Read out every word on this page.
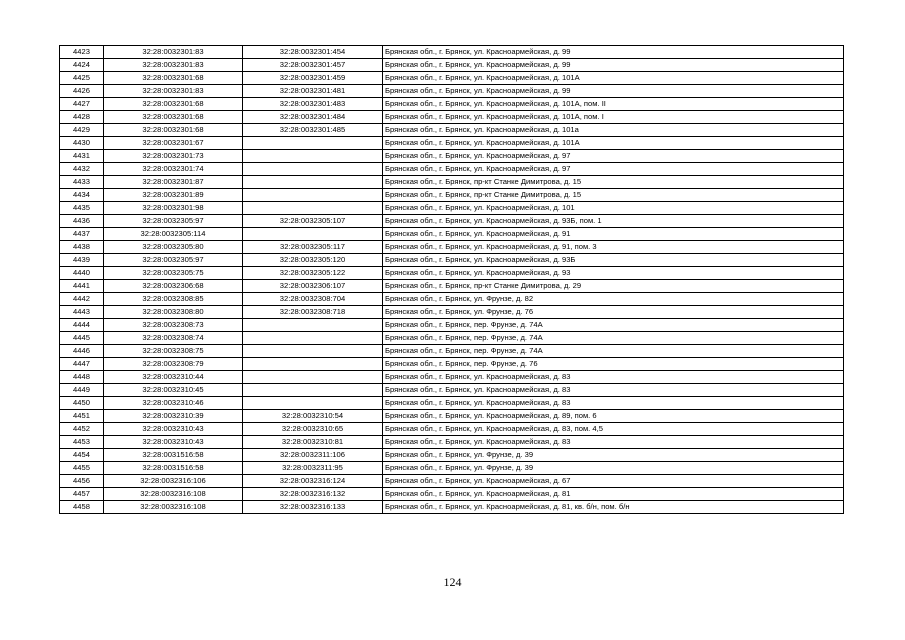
4423	32:28:0032301:83	32:28:0032301:454	Брянская обл., г. Брянск, ул. Красноармейская, д. 99
4424	32:28:0032301:83	32:28:0032301:457	Брянская обл., г. Брянск, ул. Красноармейская, д. 99
4425	32:28:0032301:68	32:28:0032301:459	Брянская обл., г. Брянск, ул. Красноармейская, д. 101А
4426	32:28:0032301:83	32:28:0032301:481	Брянская обл., г. Брянск, ул. Красноармейская, д. 99
4427	32:28:0032301:68	32:28:0032301:483	Брянская обл., г. Брянск, ул. Красноармейская, д. 101А, пом. II
4428	32:28:0032301:68	32:28:0032301:484	Брянская обл., г. Брянск, ул. Красноармейская, д. 101А, пом. I
4429	32:28:0032301:68	32:28:0032301:485	Брянская обл., г. Брянск, ул. Красноармейская, д. 101а
4430	32:28:0032301:67		Брянская обл., г. Брянск, ул. Красноармейская, д. 101А
4431	32:28:0032301:73		Брянская обл., г. Брянск, ул. Красноармейская, д. 97
4432	32:28:0032301:74		Брянская обл., г. Брянск, ул. Красноармейская, д. 97
4433	32:28:0032301:87		Брянская обл., г. Брянск, пр-кт Станке Димитрова, д. 15
4434	32:28:0032301:89		Брянская обл., г. Брянск, пр-кт Станке Димитрова, д. 15
4435	32:28:0032301:98		Брянская обл., г. Брянск, ул. Красноармейская, д. 101
4436	32:28:0032305:97	32:28:0032305:107	Брянская обл., г. Брянск, ул. Красноармейская, д. 93Б, пом. 1
4437	32:28:0032305:114		Брянская обл., г. Брянск, ул. Красноармейская, д. 91
4438	32:28:0032305:80	32:28:0032305:117	Брянская обл., г. Брянск, ул. Красноармейская, д. 91, пом. 3
4439	32:28:0032305:97	32:28:0032305:120	Брянская обл., г. Брянск, ул. Красноармейская, д. 93Б
4440	32:28:0032305:75	32:28:0032305:122	Брянская обл., г. Брянск, ул. Красноармейская, д. 93
4441	32:28:0032306:68	32:28:0032306:107	Брянская обл., г. Брянск, пр-кт Станке Димитрова, д. 29
4442	32:28:0032308:85	32:28:0032308:704	Брянская обл., г. Брянск, ул. Фрунзе, д. 82
4443	32:28:0032308:80	32:28:0032308:718	Брянская обл., г. Брянск, ул. Фрунзе, д. 76
4444	32:28:0032308:73		Брянская обл., г. Брянск, пер. Фрунзе, д. 74А
4445	32:28:0032308:74		Брянская обл., г. Брянск, пер. Фрунзе, д. 74А
4446	32:28:0032308:75		Брянская обл., г. Брянск, пер. Фрунзе, д. 74А
4447	32:28:0032308:79		Брянская обл., г. Брянск, пер. Фрунзе, д. 76
4448	32:28:0032310:44		Брянская обл., г. Брянск, ул. Красноармейская, д. 83
4449	32:28:0032310:45		Брянская обл., г. Брянск, ул. Красноармейская, д. 83
4450	32:28:0032310:46		Брянская обл., г. Брянск, ул. Красноармейская, д. 83
4451	32:28:0032310:39	32:28:0032310:54	Брянская обл., г. Брянск, ул. Красноармейская, д. 89, пом. 6
4452	32:28:0032310:43	32:28:0032310:65	Брянская обл., г. Брянск, ул. Красноармейская, д. 83, пом. 4,5
4453	32:28:0032310:43	32:28:0032310:81	Брянская обл., г. Брянск, ул. Красноармейская, д. 83
4454	32:28:0031516:58	32:28:0032311:106	Брянская обл., г. Брянск, ул. Фрунзе, д. 39
4455	32:28:0031516:58	32:28:0032311:95	Брянская обл., г. Брянск, ул. Фрунзе, д. 39
4456	32:28:0032316:106	32:28:0032316:124	Брянская обл., г. Брянск, ул. Красноармейская, д. 67
4457	32:28:0032316:108	32:28:0032316:132	Брянская обл., г. Брянск, ул. Красноармейская, д. 81
4458	32:28:0032316:108	32:28:0032316:133	Брянская обл., г. Брянск, ул. Красноармейская, д. 81, кв. б/н, пом. б/н
124
